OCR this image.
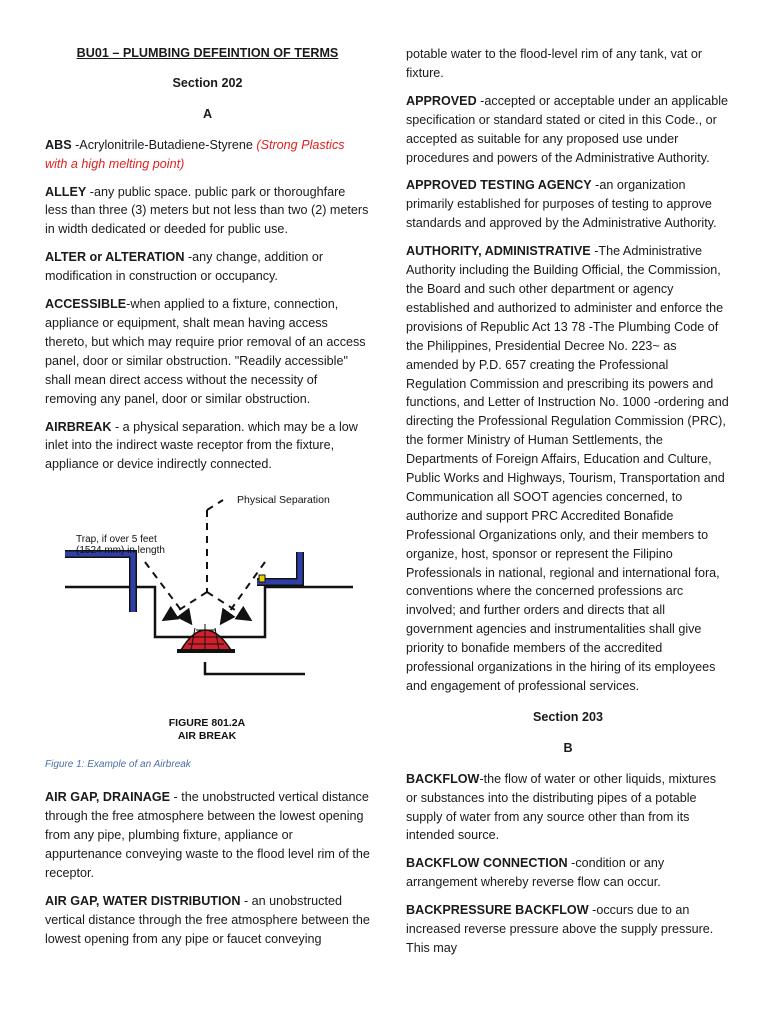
BU01 – PLUMBING DEFEINTION OF TERMS

Section 202

A

ABS -Acrylonitrile-Butadiene-Styrene (Strong Plastics with a high melting point)

ALLEY -any public space. public park or thoroughfare less than three (3) meters but not less than two (2) meters in width dedicated or deeded for public use.

ALTER or ALTERATION -any change, addition or modification in construction or occupancy.

ACCESSIBLE-when applied to a fixture, connection, appliance or equipment, shalt mean having access thereto, but which may require prior removal of an access panel, door or similar obstruction. "Readily accessible" shall mean direct access without the necessity of removing any panel, door or similar obstruction.

AIRBREAK - a physical separation. which may be a low inlet into the indirect waste receptor from the fixture, appliance or device indirectly connected.

Physical Separation
Trap, if over 5 feet
(1524 mm) in length
FIGURE 801.2A
AIR BREAK

Figure 1: Example of an Airbreak

AIR GAP, DRAINAGE - the unobstructed vertical distance through the free atmosphere between the lowest opening from any pipe, plumbing fixture, appliance or appurtenance conveying waste to the flood level rim of the receptor.

AIR GAP, WATER DISTRIBUTION - an unobstructed vertical distance through the free atmosphere between the lowest opening from any pipe or faucet conveying

potable water to the flood-level rim of any tank, vat or fixture.

APPROVED -accepted or acceptable under an applicable specification or standard stated or cited in this Code., or accepted as suitable for any proposed use under procedures and powers of the Administrative Authority.

APPROVED TESTING AGENCY -an organization primarily established for purposes of testing to approve standards and approved by the Administrative Authority.

AUTHORITY, ADMINISTRATIVE -The Administrative Authority including the Building Official, the Commission, the Board and such other department or agency established and authorized to administer and enforce the provisions of Republic Act 13 78 -The Plumbing Code of the Philippines, Presidential Decree No. 223~ as amended by P.D. 657 creating the Professional Regulation Commission and prescribing its powers and functions, and Letter of Instruction No. 1000 -ordering and directing the Professional Regulation Commission (PRC), the former Ministry of Human Settlements, the Departments of Foreign Affairs, Education and Culture, Public Works and Highways, Tourism, Transportation and Communication all SOOT agencies concerned, to authorize and support PRC Accredited Bonafide Professional Organizations only, and their members to organize, host, sponsor or represent the Filipino Professionals in national, regional and international fora, conventions where the concerned professions arc involved; and further orders and directs that all government agencies and instrumentalities shall give priority to bonafide members of the accredited professional organizations in the hiring of its employees and engagement of professional services.

Section 203

B

BACKFLOW-the flow of water or other liquids, mixtures or substances into the distributing pipes of a potable supply of water from any source other than from its intended source.

BACKFLOW CONNECTION -condition or any arrangement whereby reverse flow can occur.

BACKPRESSURE BACKFLOW -occurs due to an increased reverse pressure above the supply pressure. This may
